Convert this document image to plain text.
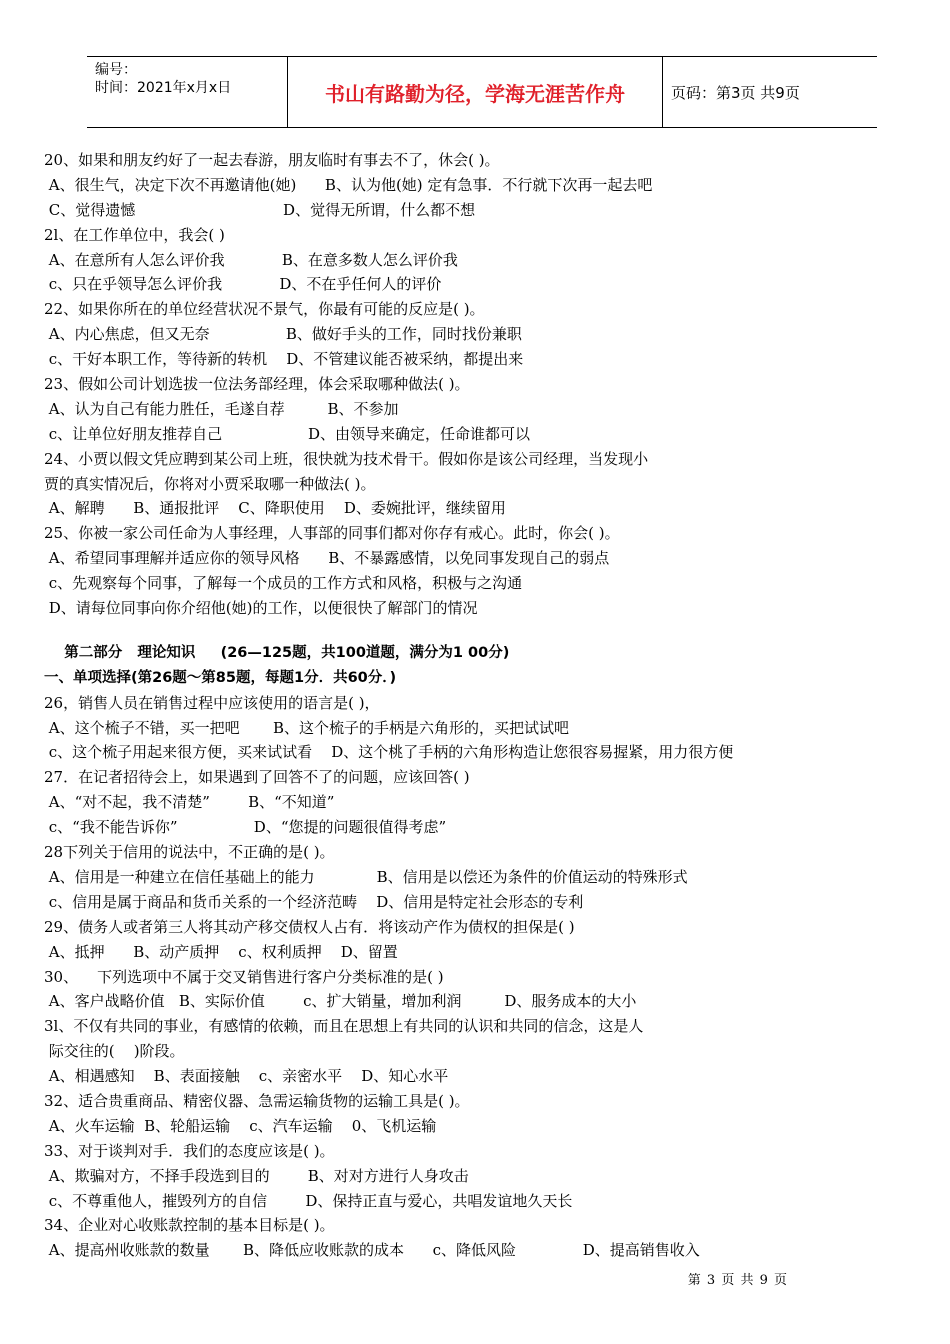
编号：
时间：2021年x月x日	书山有路勤为径，学海无涯苦作舟	页码：第3页 共9页
20、如果和朋友约好了一起去春游，朋友临时有事去不了，休会( )。
A、很生气，决定下次不再邀请他(她)      B、认为他(她) 定有急事．不行就下次再一起去吧
C、觉得遗憾                               D、觉得无所谓，什么都不想
2l、在工作单位中，我会( )
A、在意所有人怎么评价我            B、在意多数人怎么评价我
c、只在乎领导怎么评价我            D、不在乎任何人的评价
22、如果你所在的单位经营状况不景气，你最有可能的反应是( )。
A、内心焦虑，但又无奈                B、做好手头的工作，同时找份兼职
c、干好本职工作，等待新的转机    D、不管建议能否被采纳，都提出来
23、假如公司计划选拔一位法务部经理，体会采取哪种做法( )。
A、认为自己有能力胜任，毛遂自荐         B、不参加
c、让单位好朋友推荐自己                  D、由领导来确定，任命谁都可以
24、小贾以假文凭应聘到某公司上班，很快就为技术骨干。假如你是该公司经理，当发现小
贾的真实情况后，你将对小贾采取哪一种做法( )。
A、解聘      B、通报批评    C、降职使用    D、委婉批评，继续留用
25、你被一家公司任命为人事经理，人事部的同事们都对你存有戒心。此时，你会( )。
A、希望同事理解并适应你的领导风格      B、不暴露感情，以免同事发现自己的弱点
c、先观察每个同事，了解每一个成员的工作方式和风格，积极与之沟通
D、请每位同事向你介绍他(她)的工作，以便很快了解部门的情况
第二部分   理论知识     (26—125题，共100道题，满分为1 00分)
一、单项选择(第26题～第85题，每题1分．共60分．)
26，销售人员在销售过程中应该使用的语言是( )，
A、这个梳子不错，买一把吧       B、这个梳子的手柄是六角形的，买把试试吧
c、这个梳子用起来很方便，买来试试看    D、这个桃了手柄的六角形构造让您很容易握紧，用力很方便
27．在记者招待会上，如果遇到了回答不了的问题，应该回答( )
A、“对不起，我不清楚”        B、“不知道”
c、“我不能告诉你”                D、“您提的问题很值得考虑”
28下列关于信用的说法中，不正确的是( )。
A、信用是一种建立在信任基础上的能力             B、信用是以偿还为条件的价值运动的特殊形式
c、信用是属于商品和货币关系的一个经济范畴    D、信用是特定社会形态的专利
29、债务人或者第三人将其动产移交债权人占有．将该动产作为债权的担保是( )
A、抵押      B、动产质押    c、权利质押    D、留置
30、    下列选项中不属于交叉销售进行客户分类标准的是( )
A、客户战略价值   B、实际价值        c、扩大销量，增加利润         D、服务成本的大小
3l、不仅有共同的事业，有感情的依赖，而且在思想上有共同的认识和共同的信念，这是人
际交往的(    )阶段。
A、相遇感知    B、表面接触    c、亲密水平    D、知心水平
32、适合贵重商品、精密仪器、急需运输货物的运输工具是( )。
A、火车运输  B、轮船运输    c、汽车运输    0、飞机运输
33、对于谈判对手．我们的态度应该是( )。
A、欺骗对方，不择手段选到目的        B、对对方进行人身攻击
c、不尊重他人，摧毁列方的自信        D、保持正直与爱心，共唱发谊地久天长
34、企业对心收账款控制的基本目标是( )。
A、提高州收账款的数量       B、降低应收账款的成本      c、降低风险              D、提高销售收入
第 3 页 共 9 页
